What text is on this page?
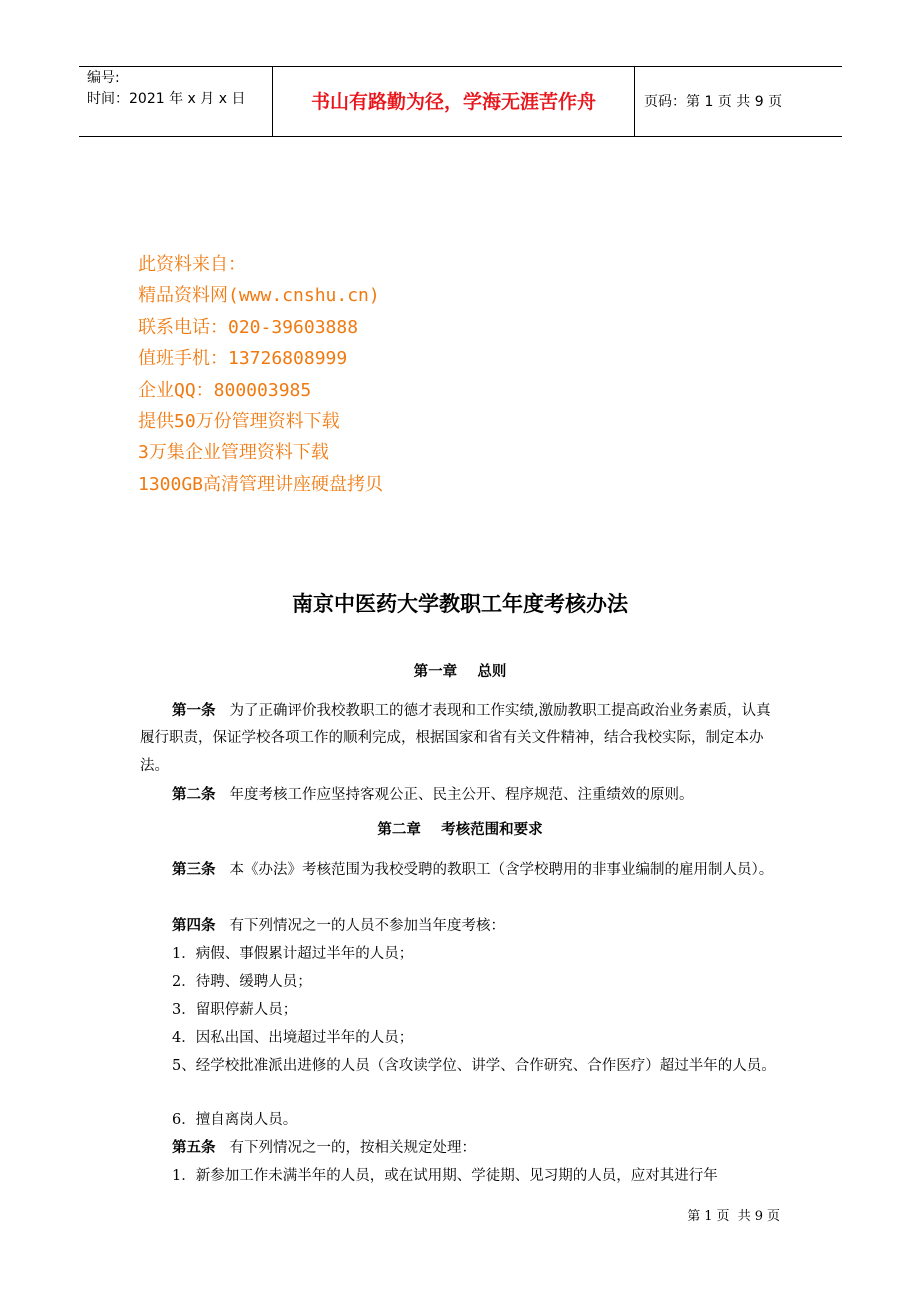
编号:
时间：2021 年 x 月 x 日	书山有路勤为径，学海无涯苦作舟	页码：第 1 页 共 9 页
此资料来自：
精品资料网(www.cnshu.cn)
联系电话：020-39603888
值班手机：13726808999
企业QQ：800003985
提供50万份管理资料下载
3万集企业管理资料下载
1300GB高清管理讲座硬盘拷贝
南京中医药大学教职工年度考核办法
第一章    总则
第一条 为了正确评价我校教职工的德才表现和工作实绩,激励教职工提高政治业务素质，认真履行职责，保证学校各项工作的顺利完成，根据国家和省有关文件精神，结合我校实际，制定本办法。
第二条 年度考核工作应坚持客观公正、民主公开、程序规范、注重绩效的原则。
第二章    考核范围和要求
第三条 本《办法》考核范围为我校受聘的教职工（含学校聘用的非事业编制的雇用制人员）。
第四条 有下列情况之一的人员不参加当年度考核：
1．病假、事假累计超过半年的人员；
2．待聘、缓聘人员；
3．留职停薪人员；
4．因私出国、出境超过半年的人员；
5、经学校批准派出进修的人员（含攻读学位、讲学、合作研究、合作医疗）超过半年的人员。
6．擅自离岗人员。
第五条 有下列情况之一的，按相关规定处理：
1．新参加工作未满半年的人员，或在试用期、学徒期、见习期的人员，应对其进行年
第 1 页 共 9 页
